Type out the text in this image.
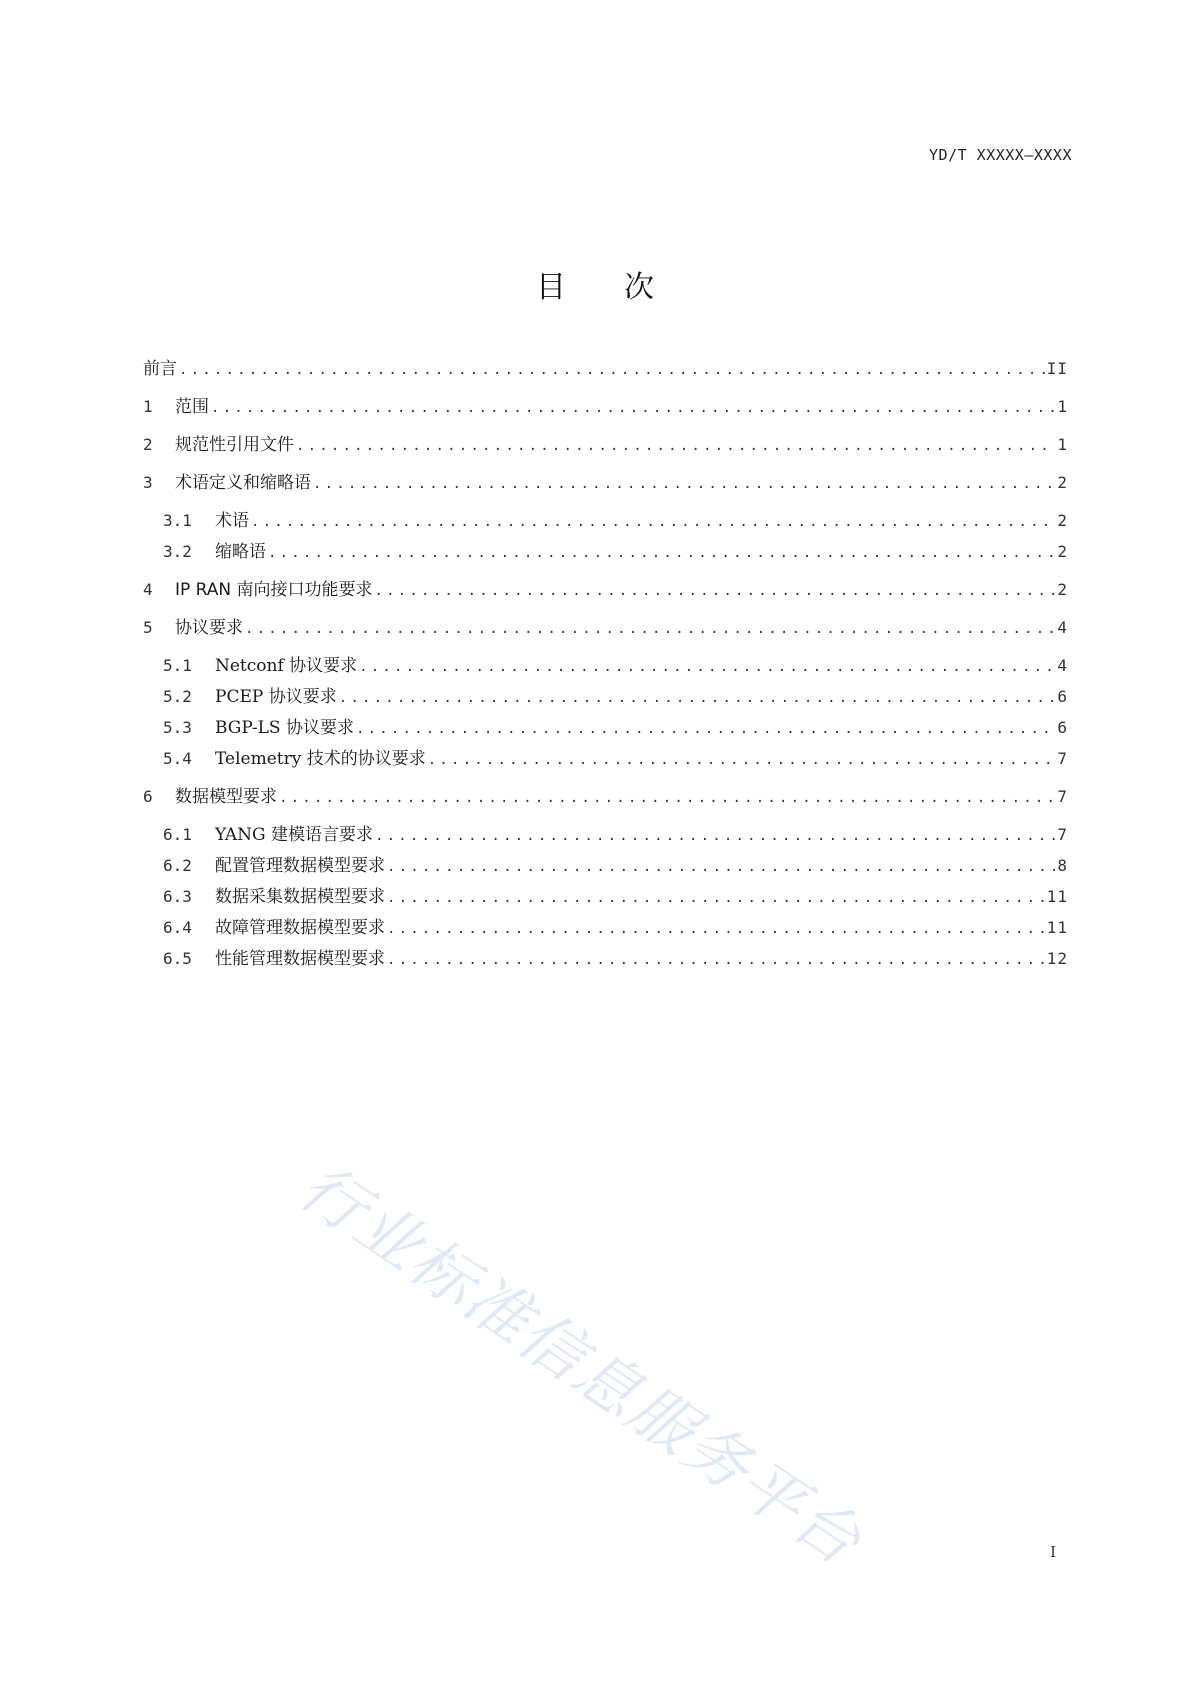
YD/T XXXXX—XXXX
目次
前言 .....	II
1	范围 .....	1
2	规范性引用文件 .....	1
3	术语定义和缩略语 .....	2
3.1	术语 .....	2
3.2	缩略语 .....	2
4	IP RAN 南向接口功能要求 .....	2
5	协议要求 .....	4
5.1	Netconf 协议要求 .....	4
5.2	PCEP 协议要求 .....	6
5.3	BGP-LS 协议要求 .....	6
5.4	Telemetry 技术的协议要求 .....	7
6	数据模型要求 .....	7
6.1	YANG 建模语言要求 .....	7
6.2	配置管理数据模型要求 .....	8
6.3	数据采集数据模型要求 .....	11
6.4	故障管理数据模型要求 .....	11
6.5	性能管理数据模型要求 .....	12
行业标准信息服务平台	I
